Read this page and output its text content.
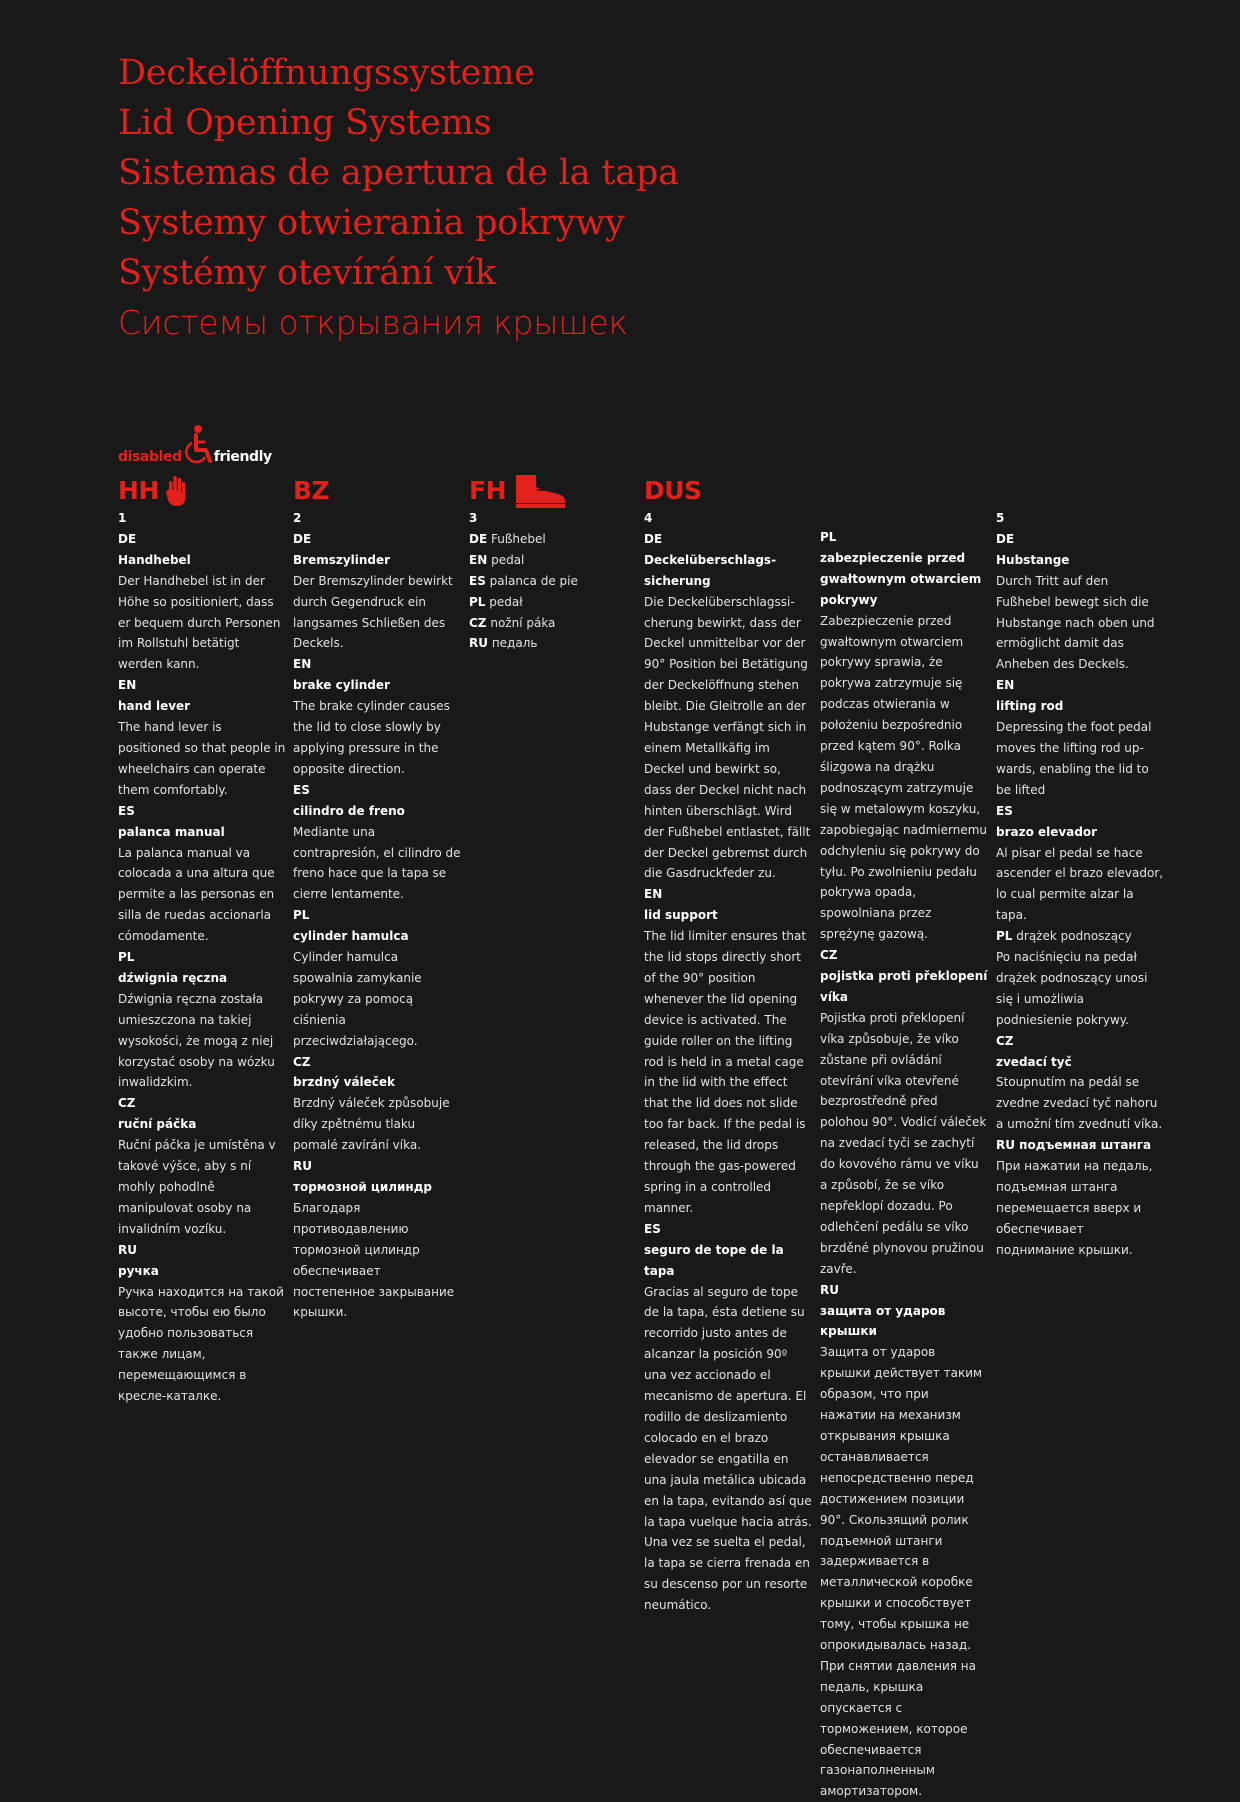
Deckelöffnungssysteme
Lid Opening Systems
Sistemas de apertura de la tapa
Systemy otwierania pokrywy
Systémy otevírání vík
Системы открывания крышек
disabled friendly
HH
1
DE
Handhebel
Der Handhebel ist in der Höhe so positioniert, dass er bequem durch Personen im Rollstuhl betätigt werden kann.
EN
hand lever
The hand lever is positioned so that people in wheelchairs can operate them comfortably.
ES
palanca manual
La palanca manual va colocada a una altura que permite a las personas en silla de ruedas accionarla cómodamente.
PL
dźwignia ręczna
Dźwignia ręczna została umieszczona na takiej wysokości, że mogą z niej korzystać osoby na wózku inwalidzkim.
CZ
ruční páčka
Ruční páčka je umístěna v takové výšce, aby s ní mohly pohodlně manipulovat osoby na invalidním vozíku.
RU
ручка
Ручка находится на такой высоте, чтобы ею было удобно пользоваться также лицам, перемещающимся в кресле-каталке.
BZ
2
DE
Bremszylinder
Der Bremszylinder bewirkt durch Gegendruck ein langsames Schließen des Deckels.
EN
brake cylinder
The brake cylinder causes the lid to close slowly by applying pressure in the opposite direction.
ES
cilindro de freno
Mediante una contrapresión, el cilindro de freno hace que la tapa se cierre lentamente.
PL
cylinder hamulca
Cylinder hamulca spowalnia zamykanie pokrywy za pomocą ciśnienia przeciwdziałającego.
CZ
brzdný váleček
Brzdný váleček způsobuje díky zpětnému tlaku pomalé zavírání víka.
RU
тормозной цилиндр
Благодаря противодавлению тормозной цилиндр обеспечивает постепенное закрывание крышки.
FH
3
DE Fußhebel
EN pedal
ES palanca de pie
PL pedał
CZ nožní páka
RU педаль
DUS
4
DE
Deckelüberschlagssicherung
Die Deckelüberschlagssicherung bewirkt, dass der Deckel unmittelbar vor der 90° Position bei Betätigung der Deckelöffnung stehen bleibt. Die Gleitrolle an der Hubstange verfängt sich in einem Metallkäfig im Deckel und bewirkt so, dass der Deckel nicht nach hinten überschlägt. Wird der Fußhebel entlastet, fällt der Deckel gebremst durch die Gasdruckfeder zu.
EN
lid support
The lid limiter ensures that the lid stops directly short of the 90° position whenever the lid opening device is activated. The guide roller on the lifting rod is held in a metal cage in the lid with the effect that the lid does not slide too far back. If the pedal is released, the lid drops through the gas-powered spring in a controlled manner.
ES
seguro de tope de la tapa
Gracias al seguro de tope de la tapa, ésta detiene su recorrido justo antes de alcanzar la posición 90º una vez accionado el mecanismo de apertura. El rodillo de deslizamiento colocado en el brazo elevador se engatilla en una jaula metálica ubicada en la tapa, evitando así que la tapa vuelque hacia atrás. Una vez se suelta el pedal, la tapa se cierra frenada en su descenso por un resorte neumático.
PL
zabezpieczenie przed gwałtownym otwarciem pokrywy
Zabezpieczenie przed gwałtownym otwarciem pokrywy sprawia, że pokrywa zatrzymuje się podczas otwierania w położeniu bezpośrednio przed kątem 90°. Rolka ślizgowa na drążku podnoszącym zatrzymuje się w metalowym koszyku, zapobiegając nadmiernemu odchyleniu się pokrywy do tyłu. Po zwolnieniu pedału pokrywa opada, spowolniana przez sprężynę gazową.
CZ
pojistka proti překlopení víka
Pojistka proti překlopení víka způsobuje, že víko zůstane při ovládání otevírání víka otevřené bezprostředně před polohou 90°. Vodicí váleček na zvedací tyči se zachytí do kovového rámu ve víku a způsobí, že se víko nepřeklopí dozadu. Po odlehčení pedálu se víko brzděné plynovou pružinou zavře.
RU
защита от ударов крышки
Защита от ударов крышки действует таким образом, что при нажатии на механизм открывания крышка останавливается непосредственно перед достижением позиции 90°. Скользящий ролик подъемной штанги задерживается в металлической коробке крышки и способствует тому, чтобы крышка не опрокидывалась назад. При снятии давления на педаль, крышка опускается с торможением, которое обеспечивается газонаполненным амортизатором.
5
DE
Hubstange
Durch Tritt auf den Fußhebel bewegt sich die Hubstange nach oben und ermöglicht damit das Anheben des Deckels.
EN
lifting rod
Depressing the foot pedal moves the lifting rod upwards, enabling the lid to be lifted
ES
brazo elevador
Al pisar el pedal se hace ascender el brazo elevador, lo cual permite alzar la tapa.
PL drążek podnoszący
Po naciśnięciu na pedał drążek podnoszący unosi się i umożliwia podniesienie pokrywy.
CZ
zvedací tyč
Stoupnutím na pedál se zvedne zvedací tyč nahoru a umožní tím zvednutí víka.
RU подъемная штанга
При нажатии на педаль, подъемная штанга перемещается вверх и обеспечивает поднимание крышки.
